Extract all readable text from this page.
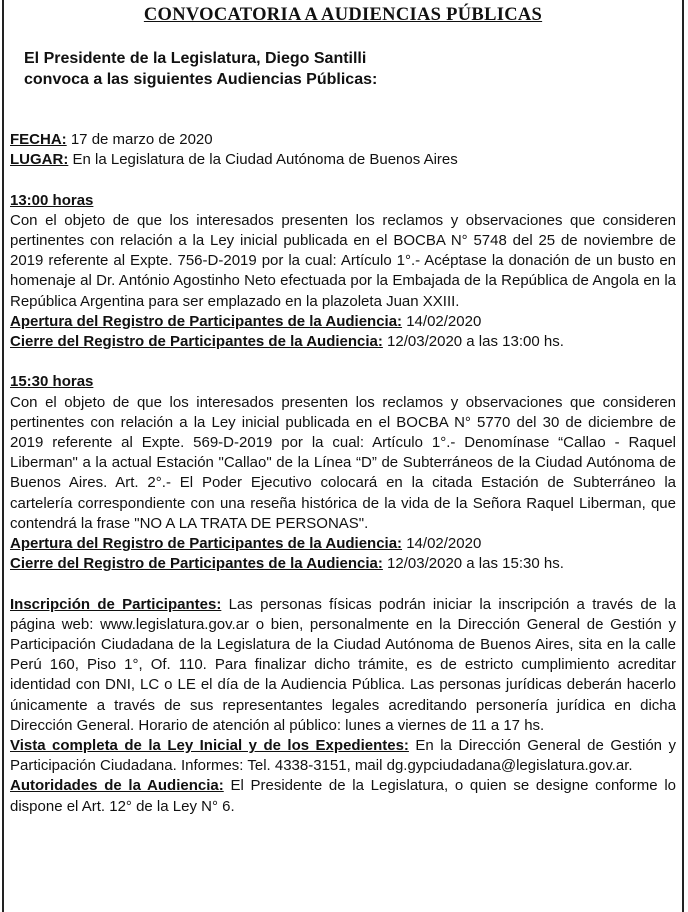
CONVOCATORIA A AUDIENCIAS PÚBLICAS
El Presidente de la Legislatura, Diego Santilli
convoca a las siguientes Audiencias Públicas:

FECHA: 17 de marzo de 2020

LUGAR: En la Legislatura de la Ciudad Autónoma de Buenos Aires

13:00 horas

Con el objeto de que los interesados presenten los reclamos y observaciones que consideren pertinentes con relación a la Ley inicial publicada en el BOCBA N° 5748 del 25 de noviembre de 2019 referente al Expte. 756-D-2019 por la cual: Artículo 1°.- Acéptase la donación de un busto en homenaje al Dr. António Agostinho Neto efectuada por la Embajada de la República de Angola en la República Argentina para ser emplazado en la plazoleta Juan XXIII.

Apertura del Registro de Participantes de la Audiencia: 14/02/2020

Cierre del Registro de Participantes de la Audiencia: 12/03/2020 a las 13:00 hs.

15:30 horas

Con el objeto de que los interesados presenten los reclamos y observaciones que consideren pertinentes con relación a la Ley inicial publicada en el BOCBA N° 5770 del 30 de diciembre de 2019 referente al Expte. 569-D-2019 por la cual: Artículo 1°.- Denomínase “Callao - Raquel Liberman" a la actual Estación "Callao" de la Línea “D” de Subterráneos de la Ciudad Autónoma de Buenos Aires. Art. 2°.- El Poder Ejecutivo colocará en la citada Estación de Subterráneo la cartelería correspondiente con una reseña histórica de la vida de la Señora Raquel Liberman, que contendrá la frase "NO A LA TRATA DE PERSONAS".

Apertura del Registro de Participantes de la Audiencia: 14/02/2020

Cierre del Registro de Participantes de la Audiencia: 12/03/2020 a las 15:30 hs.

Inscripción de Participantes: Las personas físicas podrán iniciar la inscripción a través de la página web: www.legislatura.gov.ar o bien, personalmente en la Dirección General de Gestión y Participación Ciudadana de la Legislatura de la Ciudad Autónoma de Buenos Aires, sita en la calle Perú 160, Piso 1°, Of. 110. Para finalizar dicho trámite, es de estricto cumplimiento acreditar identidad con DNI, LC o LE el día de la Audiencia Pública. Las personas jurídicas deberán hacerlo únicamente a través de sus representantes legales acreditando personería jurídica en dicha Dirección General. Horario de atención al público: lunes a viernes de 11 a 17 hs.

Vista completa de la Ley Inicial y de los Expedientes: En la Dirección General de Gestión y Participación Ciudadana. Informes: Tel. 4338-3151, mail dg.gypciudadana@legislatura.gov.ar.

Autoridades de la Audiencia: El Presidente de la Legislatura, o quien se designe conforme lo dispone el Art. 12° de la Ley N° 6.
